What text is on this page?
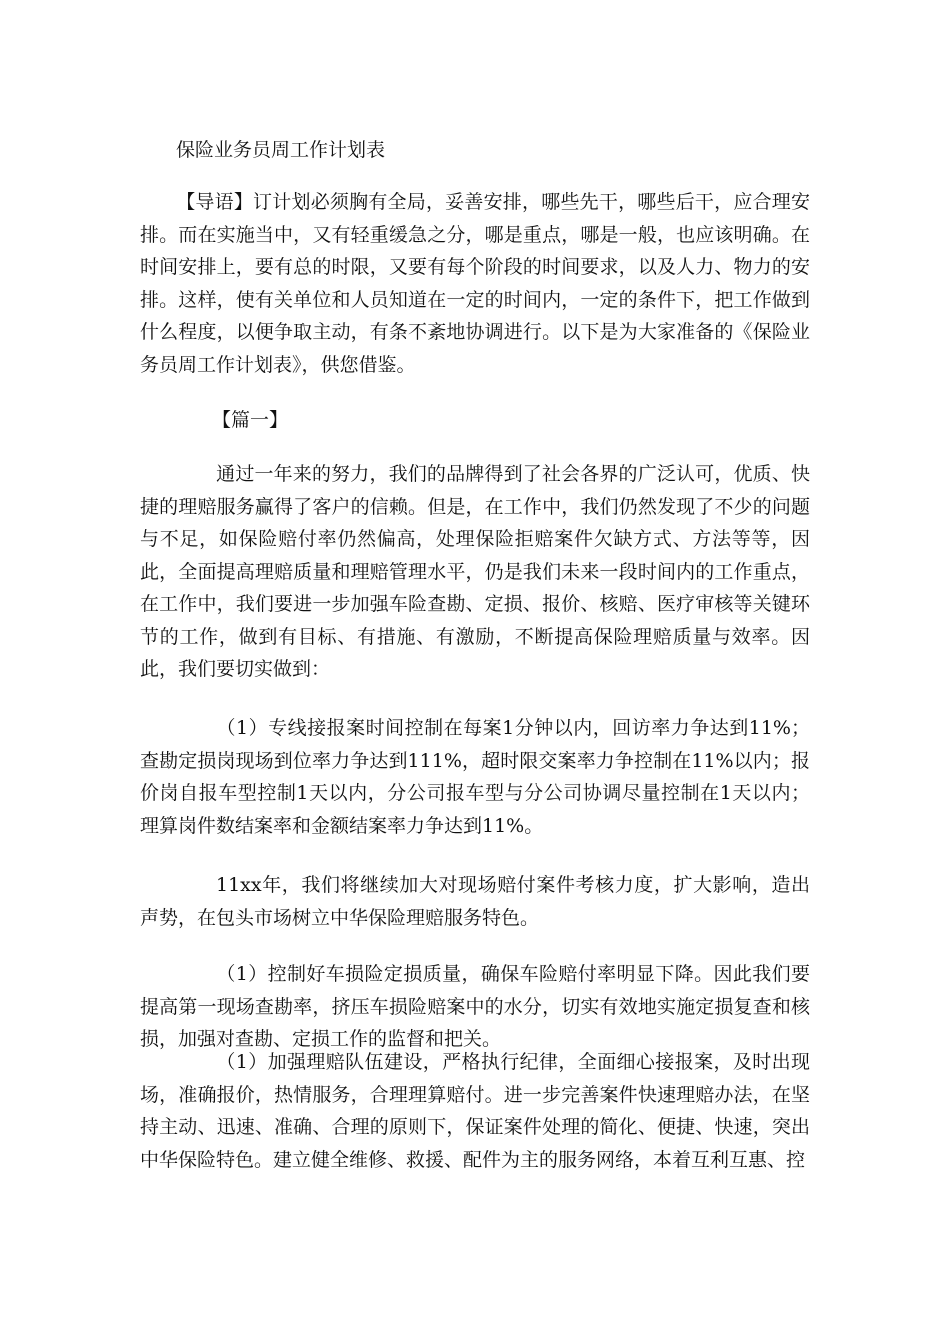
保险业务员周工作计划表

【导语】订计划必须胸有全局，妥善安排，哪些先干，哪些后干，应合理安排。而在实施当中，又有轻重缓急之分，哪是重点，哪是一般，也应该明确。在时间安排上，要有总的时限，又要有每个阶段的时间要求，以及人力、物力的安排。这样，使有关单位和人员知道在一定的时间内，一定的条件下，把工作做到什么程度，以便争取主动，有条不紊地协调进行。以下是为大家准备的《保险业务员周工作计划表》，供您借鉴。

【篇一】

通过一年来的努力，我们的品牌得到了社会各界的广泛认可，优质、快捷的理赔服务赢得了客户的信赖。但是，在工作中，我们仍然发现了不少的问题与不足，如保险赔付率仍然偏高，处理保险拒赔案件欠缺方式、方法等等，因此，全面提高理赔质量和理赔管理水平，仍是我们未来一段时间内的工作重点，在工作中，我们要进一步加强车险查勘、定损、报价、核赔、医疗审核等关键环节的工作，做到有目标、有措施、有激励，不断提高保险理赔质量与效率。因此，我们要切实做到：

（1）专线接报案时间控制在每案1分钟以内，回访率力争达到11%；查勘定损岗现场到位率力争达到111%，超时限交案率力争控制在11%以内；报价岗自报车型控制1天以内，分公司报车型与分公司协调尽量控制在1天以内；理算岗件数结案率和金额结案率力争达到11%。

11xx年，我们将继续加大对现场赔付案件考核力度，扩大影响，造出声势，在包头市场树立中华保险理赔服务特色。

（1）控制好车损险定损质量，确保车险赔付率明显下降。因此我们要提高第一现场查勘率，挤压车损险赔案中的水分，切实有效地实施定损复查和核损，加强对查勘、定损工作的监督和把关。

（1）加强理赔队伍建设，严格执行纪律，全面细心接报案，及时出现场，准确报价，热情服务，合理理算赔付。进一步完善案件快速理赔办法，在坚持主动、迅速、准确、合理的原则下，保证案件处理的简化、便捷、快速，突出中华保险特色。建立健全维修、救援、配件为主的服务网络，本着互利互惠、控
